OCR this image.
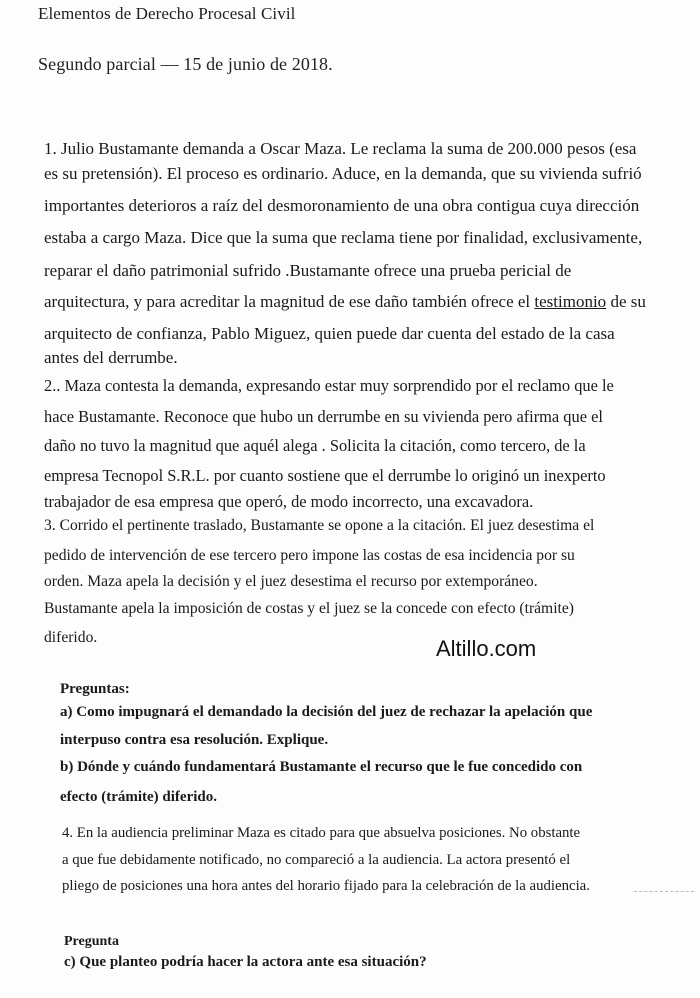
Elementos de Derecho Procesal Civil
Segundo parcial — 15 de junio de 2018.
1. Julio Bustamante demanda a Oscar Maza. Le reclama la suma de 200.000 pesos (esa
es su pretensión). El proceso es ordinario. Aduce, en la demanda, que su vivienda sufrió
importantes deterioros a raíz del desmoronamiento de una obra contigua cuya dirección
estaba a cargo Maza. Dice que la suma que reclama tiene por finalidad, exclusivamente,
reparar el daño patrimonial sufrido .Bustamante ofrece una prueba pericial de
arquitectura, y para acreditar la magnitud de ese daño también ofrece el testimonio de su
arquitecto de confianza, Pablo Miguez, quien puede dar cuenta del estado de la casa
antes del derrumbe.
2.. Maza contesta la demanda, expresando estar muy sorprendido por el reclamo que le
hace Bustamante. Reconoce que hubo un derrumbe en su vivienda pero afirma que el
daño no tuvo la magnitud que aquél alega . Solicita la citación, como tercero, de la
empresa Tecnopol S.R.L. por cuanto sostiene que el derrumbe lo originó un inexperto
trabajador de esa empresa que operó, de modo incorrecto, una excavadora.
3. Corrido el pertinente traslado, Bustamante se opone a la citación. El juez desestima el
pedido de intervención de ese tercero pero impone las costas de esa incidencia por su
orden. Maza apela la decisión y el juez desestima el recurso por extemporáneo.
Bustamante apela la imposición de costas y el juez se la concede con efecto (trámite)
diferido.	Altillo.com
Preguntas:
a) Como impugnará el demandado la decisión del juez de rechazar la apelación que
interpuso contra esa resolución. Explique.
b) Dónde y cuándo fundamentará Bustamante el recurso que le fue concedido con
efecto (trámite) diferido.
4. En la audiencia preliminar Maza es citado para que absuelva posiciones. No obstante
a que fue debidamente notificado, no compareció a la audiencia. La actora presentó el
pliego de posiciones una hora antes del horario fijado para la celebración de la audiencia.
Pregunta
c) Que planteo podría hacer la actora ante esa situación?
